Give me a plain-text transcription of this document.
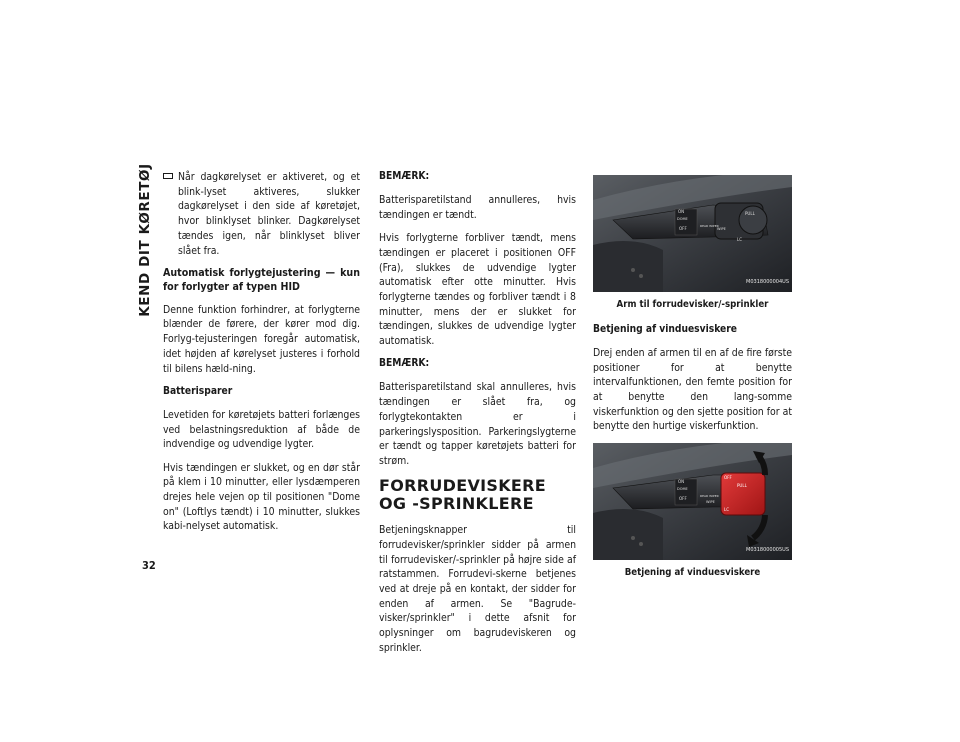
KEND DIT KØRETØJ Når dagkørelyset er aktiveret, og et blink-lyset aktiveres, slukker dagkørelyset i den side af køretøjet, hvor blinklyset blinker. Dagkørelyset tændes igen, når blinklyset bliver slået fra.

Automatisk forlygtejustering — kun for forlygter af typen HID

Denne funktion forhindrer, at forlygterne blænder de førere, der kører mod dig. Forlyg-tejusteringen foregår automatisk, idet højden af kørelyset justeres i forhold til bilens hæld-ning.

Batterisparer

Levetiden for køretøjets batteri forlænges ved belastningsreduktion af både de indvendige og udvendige lygter.

Hvis tændingen er slukket, og en dør står på klem i 10 minutter, eller lysdæmperen drejes hele vejen op til positionen "Dome on" (Loftlys tændt) i 10 minutter, slukkes kabi-nelyset automatisk.

BEMÆRK:

Batterisparetilstand annulleres, hvis tændingen er tændt.

Hvis forlygterne forbliver tændt, mens tændingen er placeret i positionen OFF (Fra), slukkes de udvendige lygter automatisk efter otte minutter. Hvis forlygterne tændes og forbliver tændt i 8 minutter, mens der er slukket for tændingen, slukkes de udvendige lygter automatisk.

BEMÆRK:

Batterisparetilstand skal annulleres, hvis tændingen er slået fra, og forlygtekontakten er i parkeringslysposition. Parkeringslygterne er tændt og tapper køretøjets batteri for strøm.

FORRUDEVISKERE OG -SPRINKLERE

Betjeningsknapper til forrudevisker/sprinkler sidder på armen til forrudevisker/-sprinkler på højre side af ratstammen. Forrudevi-skerne betjenes ved at dreje på en kontakt, der sidder for enden af armen. Se "Bagrude-visker/sprinkler" i dette afsnit for oplysninger om bagrudeviskeren og sprinkler.

ON
DOME
OFF	REAR WIPER
WIPE
PULL
LC
M0318000004US
Arm til forrudevisker/-sprinkler

Betjening af vinduesviskere

Drej enden af armen til en af de fire første positioner for at benytte intervalfunktionen, den femte position for at benytte den lang-somme viskerfunktion og den sjette position for at benytte den hurtige viskerfunktion.

ON
DOME
OFF	REAR WIPER
WIPE
OFF
PULL
LC
M0318000005US
Betjening af vinduesviskere
32
